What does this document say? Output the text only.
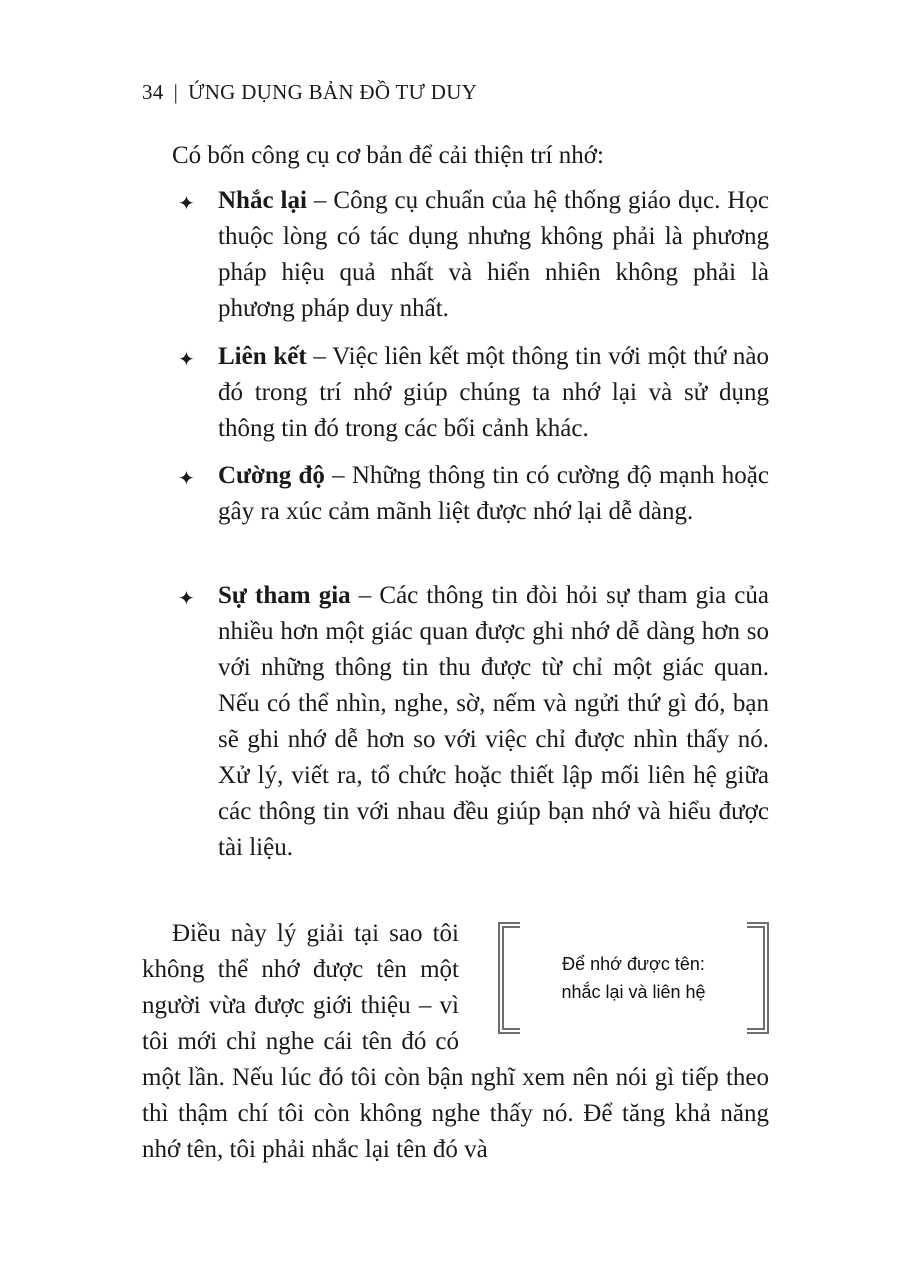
34 | ỨNG DỤNG BẢN ĐỒ TƯ DUY

Có bốn công cụ cơ bản để cải thiện trí nhớ:

✦ Nhắc lại – Công cụ chuẩn của hệ thống giáo dục. Học thuộc lòng có tác dụng nhưng không phải là phương pháp hiệu quả nhất và hiển nhiên không phải là phương pháp duy nhất.

✦ Liên kết – Việc liên kết một thông tin với một thứ nào đó trong trí nhớ giúp chúng ta nhớ lại và sử dụng thông tin đó trong các bối cảnh khác.

✦ Cường độ – Những thông tin có cường độ mạnh hoặc gây ra xúc cảm mãnh liệt được nhớ lại dễ dàng.

✦ Sự tham gia – Các thông tin đòi hỏi sự tham gia của nhiều hơn một giác quan được ghi nhớ dễ dàng hơn so với những thông tin thu được từ chỉ một giác quan. Nếu có thể nhìn, nghe, sờ, nếm và ngửi thứ gì đó, bạn sẽ ghi nhớ dễ hơn so với việc chỉ được nhìn thấy nó. Xử lý, viết ra, tổ chức hoặc thiết lập mối liên hệ giữa các thông tin với nhau đều giúp bạn nhớ và hiểu được tài liệu.

Điều này lý giải tại sao tôi không thể nhớ được tên một người vừa được giới thiệu – vì tôi mới chỉ nghe cái tên đó có một lần. Nếu lúc đó tôi còn bận nghĩ xem nên nói gì tiếp theo thì thậm chí tôi còn không nghe thấy nó. Để tăng khả năng nhớ tên, tôi phải nhắc lại tên đó và

Để nhớ được tên:
nhắc lại và liên hệ
